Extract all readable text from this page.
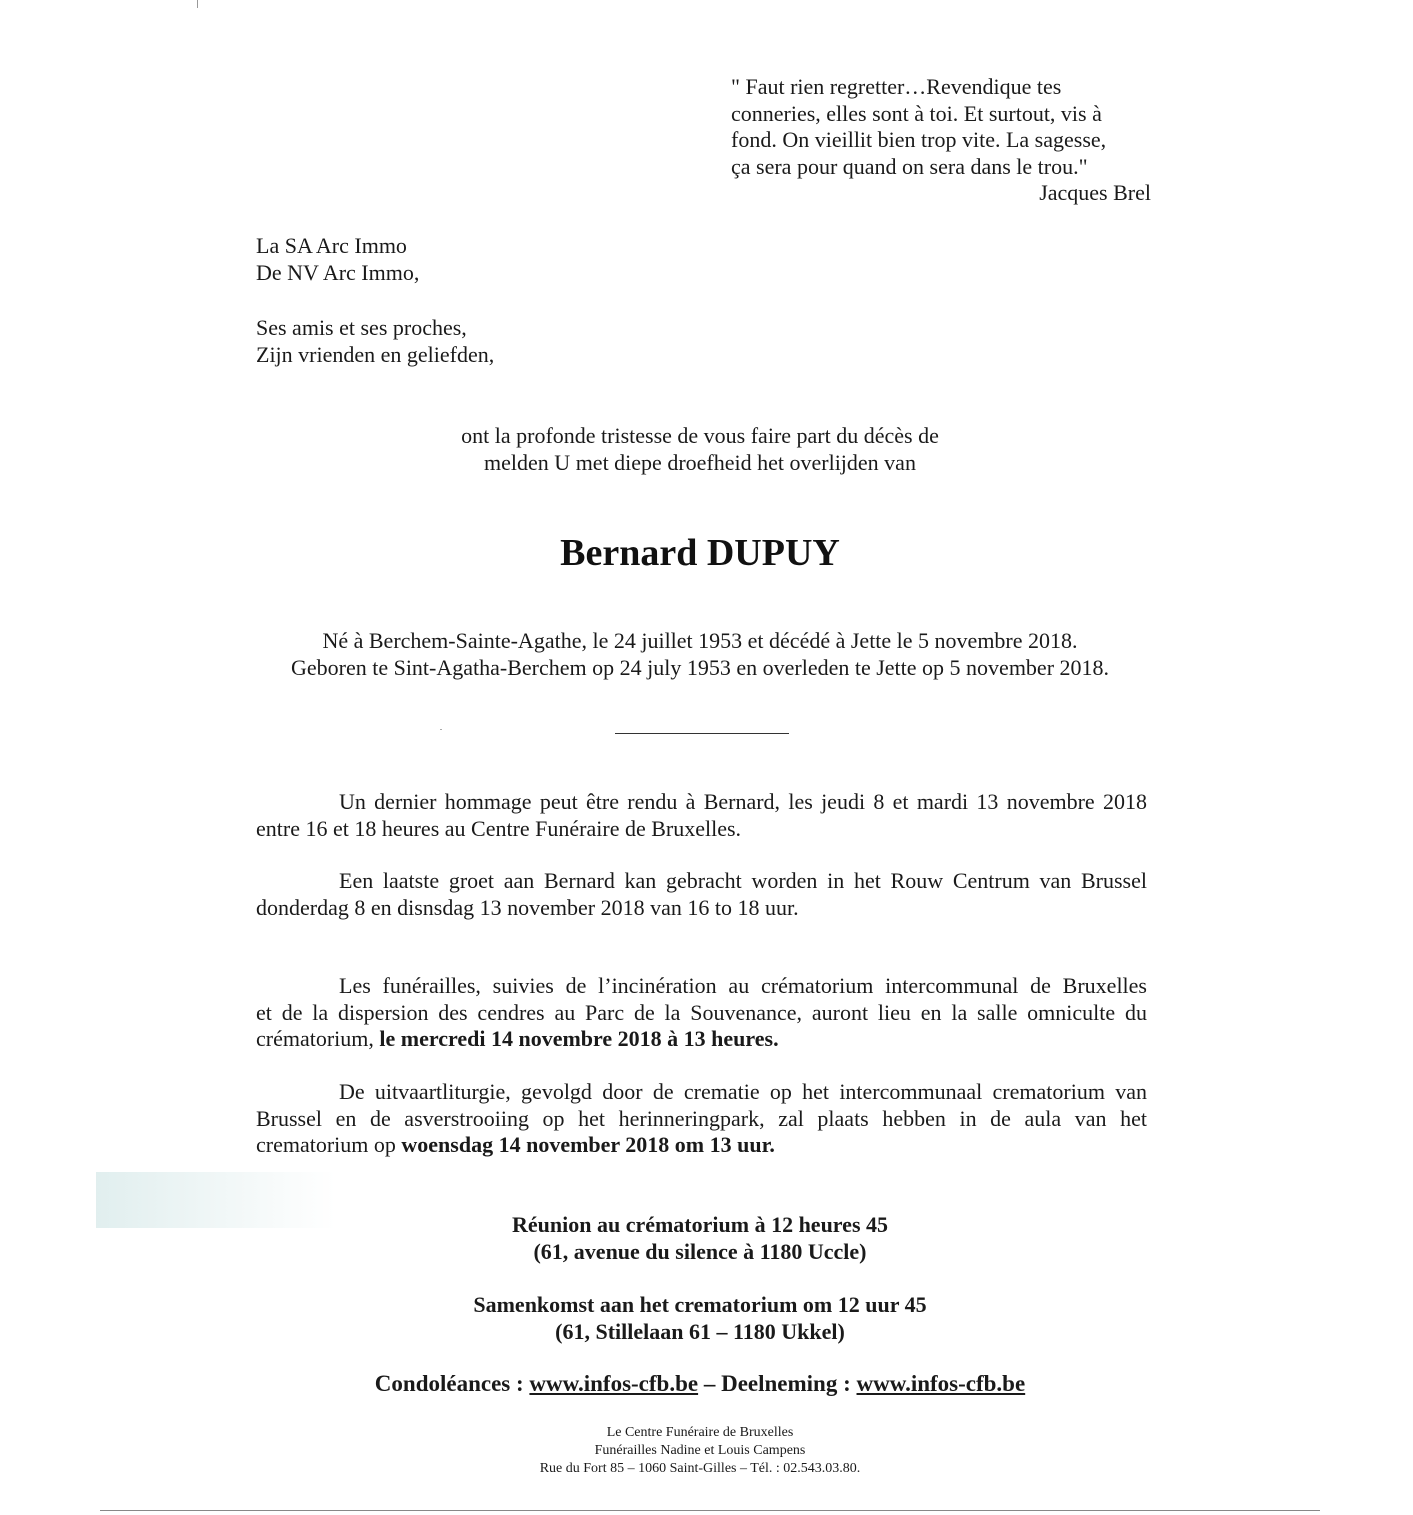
" Faut rien regretter…Revendique tes
conneries, elles sont à toi. Et surtout, vis à
fond. On vieillit bien trop vite. La sagesse,
ça sera pour quand on sera dans le trou."
Jacques Brel
La SA Arc Immo
De NV Arc Immo,
Ses amis et ses proches,
Zijn vrienden en geliefden,
ont la profonde tristesse de vous faire part du décès de
melden U met diepe droefheid het overlijden van
Bernard DUPUY
Né à Berchem-Sainte-Agathe, le 24 juillet 1953 et décédé à Jette le 5 novembre 2018.
Geboren te Sint-Agatha-Berchem op 24 july 1953 en overleden te Jette op 5 november 2018.
Un dernier hommage peut être rendu à Bernard, les jeudi 8 et mardi 13 novembre 2018
entre 16 et 18 heures au Centre Funéraire de Bruxelles.
Een laatste groet aan Bernard kan gebracht worden in het Rouw Centrum van Brussel
donderdag 8 en disnsdag 13 november 2018 van 16 to 18 uur.
Les funérailles, suivies de l’incinération au crématorium intercommunal de Bruxelles
et de la dispersion des cendres au Parc de la Souvenance, auront lieu en la salle omniculte du
crématorium, le mercredi 14 novembre 2018 à 13 heures.
De uitvaartliturgie, gevolgd door de crematie op het intercommunaal crematorium van
Brussel en de asverstrooiing op het herinneringpark, zal plaats hebben in de aula van het
crematorium op woensdag 14 november 2018 om 13 uur.
Réunion au crématorium à 12 heures 45
(61, avenue du silence à 1180 Uccle)
Samenkomst aan het crematorium om 12 uur 45
(61, Stillelaan 61 – 1180 Ukkel)
Condoléances : www.infos-cfb.be – Deelneming : www.infos-cfb.be
Le Centre Funéraire de Bruxelles
Funérailles Nadine et Louis Campens
Rue du Fort 85 – 1060 Saint-Gilles – Tél. : 02.543.03.80.
